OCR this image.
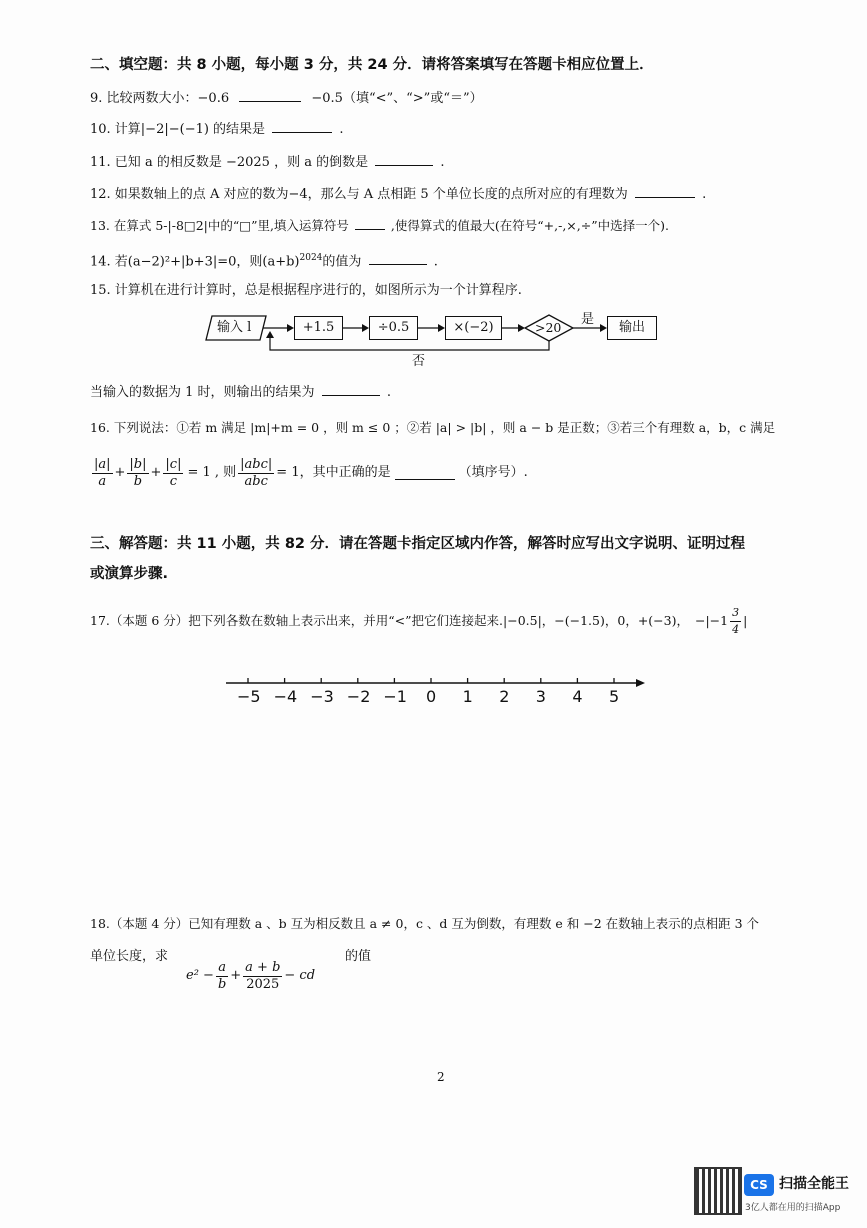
二、填空题：共 8 小题，每小题 3 分，共 24 分．请将答案填写在答题卡相应位置上．
9. 比较两数大小：−0.6	−0.5（填“<”、“>”或“＝”）
10. 计算|−2|−(−1) 的结果是	.
11. 已知 a 的相反数是 −2025 ，则 a 的倒数是	.
12. 如果数轴上的点 A 对应的数为−4，那么与 A 点相距 5 个单位长度的点所对应的有理数为	.
13. 在算式 5-|-8□2|中的“□”里,填入运算符号	,使得算式的值最大(在符号“+,-,×,÷”中选择一个).
14. 若(a−2)²+|b+3|=0，则$(a+b)^{2024}$的值为	.
15. 计算机在进行计算时，总是根据程序进行的，如图所示为一个计算程序.
输入 l	+1.5	÷0.5	×(−2)	>20
是
输出
否
当输入的数据为 1 时，则输出的结果为	.
16. 下列说法：①若 m 满足 |m|+m = 0 ，则 m ≤ 0 ；②若 |a| > |b| ，则 a − b 是正数；③若三个有理数 a，b，c 满足
$\frac{|a|}{a} + \frac{|b|}{b} + \frac{|c|}{c} = 1$ , 则 $\frac{\text{|abc|}}{\text{abc}} = 1$，其中正确的是	（填序号）.
三、解答题：共 11 小题，共 82 分．请在答题卡指定区域内作答，解答时应写出文字说明、证明过程
或演算步骤.
17.（本题 6 分）把下列各数在数轴上表示出来，并用“<”把它们连接起来.|−0.5|，−(−1.5)，0，+(−3)， $-|-1 \frac{3}{4}$ |
−5 −4 −3 −2 −1 0 1 2 3 4 5
18.（本题 4 分）已知有理数 a 、b 互为相反数且 a ≠ 0，c 、d 互为倒数，有理数 e 和 −2 在数轴上表示的点相距 3 个
单位长度，求
$e^2 - \frac{a}{b} + \frac{a + b}{2025}$ − cd
的值
2
CS 扫描全能王
3亿人都在用的扫描App
